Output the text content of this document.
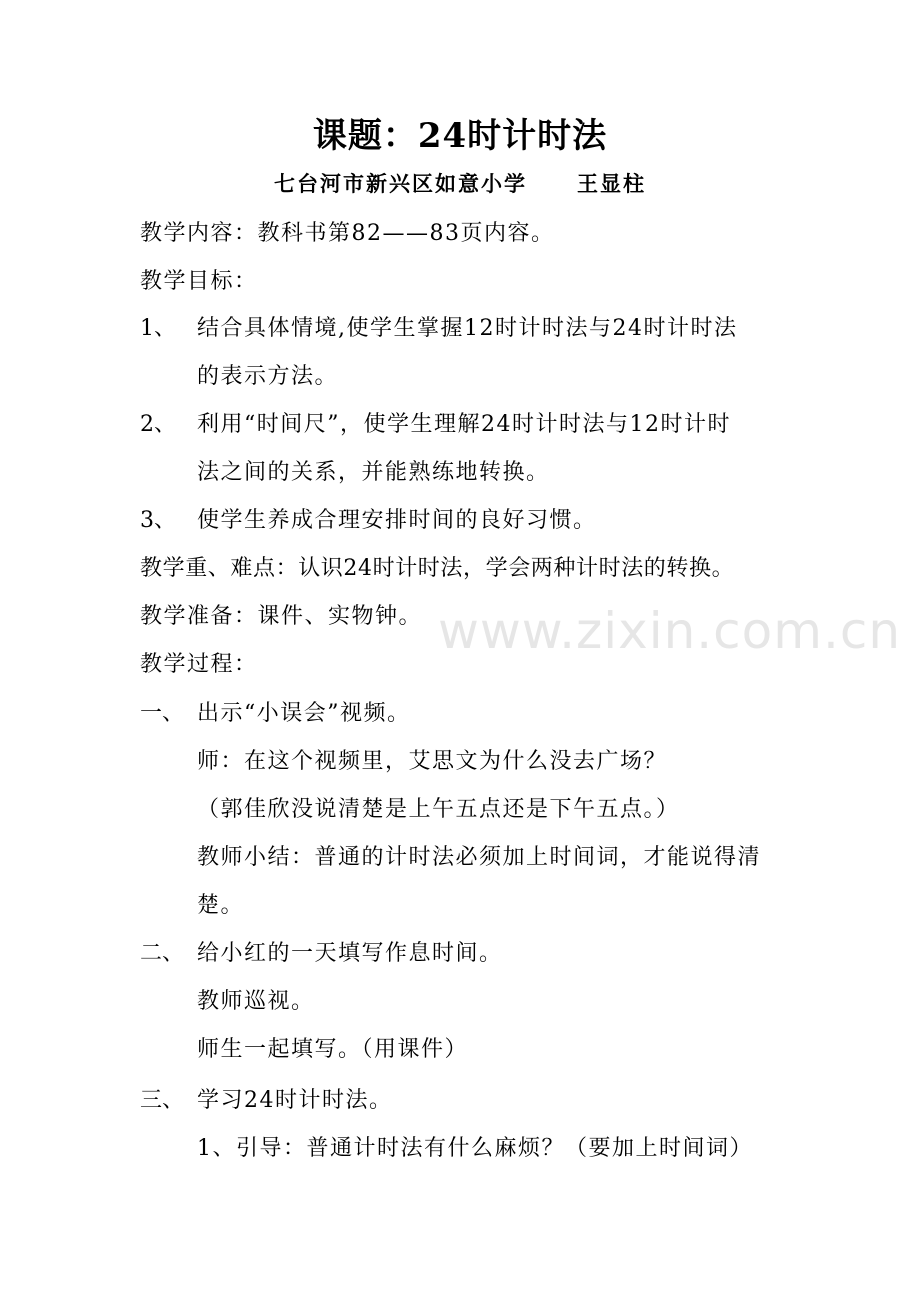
课题：24时计时法
七台河市新兴区如意小学 王显柱
教学内容：教科书第82——83页内容。
教学目标：
1、 结合具体情境,使学生掌握12时计时法与24时计时法
的表示方法。
2、 利用“时间尺”，使学生理解24时计时法与12时计时
法之间的关系，并能熟练地转换。
3、 使学生养成合理安排时间的良好习惯。
教学重、难点：认识24时计时法，学会两种计时法的转换。
www.zixin.com.cn
教学准备：课件、实物钟。
教学过程：
一、 出示“小误会”视频。
师：在这个视频里，艾思文为什么没去广场？
（郭佳欣没说清楚是上午五点还是下午五点。）
教师小结：普通的计时法必须加上时间词，才能说得清
楚。
二、 给小红的一天填写作息时间。
教师巡视。
师生一起填写。（用课件）
三、 学习24时计时法。
1、引导：普通计时法有什么麻烦？（要加上时间词）
